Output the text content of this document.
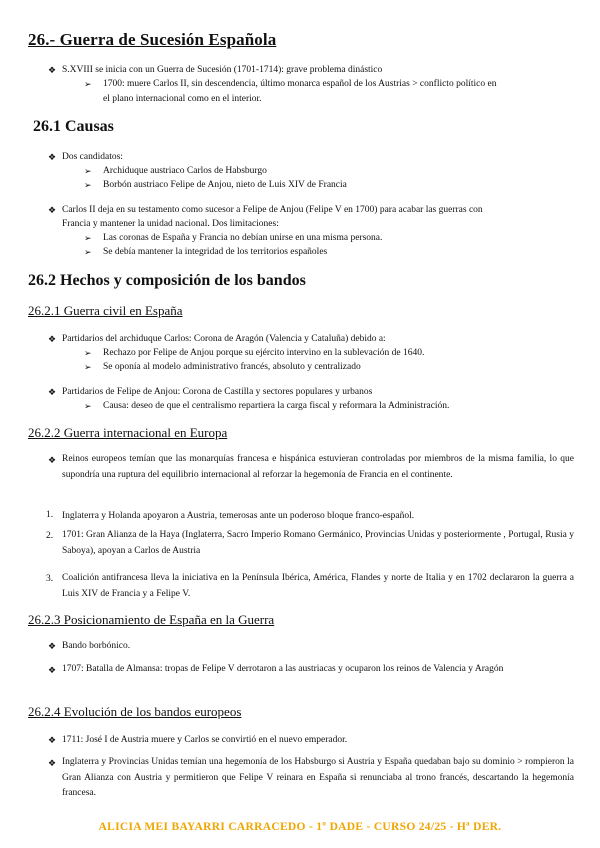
26.- Guerra de Sucesión Española
❖ S.XVIII se inicia con un Guerra de Sucesión (1701-1714): grave problema dinástico
➢ 1700: muere Carlos II, sin descendencia, último monarca español de los Austrias > conflicto político en
el plano internacional como en el interior.
26.1 Causas
❖ Dos candidatos:
➢ Archiduque austriaco Carlos de Habsburgo
➢ Borbón austriaco Felipe de Anjou, nieto de Luis XIV de Francia
❖ Carlos II deja en su testamento como sucesor a Felipe de Anjou (Felipe V en 1700) para acabar las guerras con
Francia y mantener la unidad nacional. Dos limitaciones:
➢ Las coronas de España y Francia no debían unirse en una misma persona.
➢ Se debía mantener la integridad de los territorios españoles
26.2 Hechos y composición de los bandos
26.2.1 Guerra civil en España
❖ Partidarios del archiduque Carlos: Corona de Aragón (Valencia y Cataluña) debido a:
➢ Rechazo por Felipe de Anjou porque su ejército intervino en la sublevación de 1640.
➢ Se oponía al modelo administrativo francés, absoluto y centralizado
❖ Partidarios de Felipe de Anjou: Corona de Castilla y sectores populares y urbanos
➢ Causa: deseo de que el centralismo repartiera la carga fiscal y reformara la Administración.
26.2.2 Guerra internacional en Europa
❖ Reinos europeos temían que las monarquías francesa e hispánica estuvieran controladas por miembros de la misma familia, lo que supondría una ruptura del equilibrio internacional al reforzar la hegemonía de Francia en el continente.
1. Inglaterra y Holanda apoyaron a Austria, temerosas ante un poderoso bloque franco-español.
2. 1701: Gran Alianza de la Haya (Inglaterra, Sacro Imperio Romano Germánico, Provincias Unidas y posteriormente , Portugal, Rusia y Saboya), apoyan a Carlos de Austria
3. Coalición antifrancesa lleva la iniciativa en la Península Ibérica, América, Flandes y norte de Italia y en 1702 declararon la guerra a Luis XIV de Francia y a Felipe V.
26.2.3 Posicionamiento de España en la Guerra
❖ Bando borbónico.
❖ 1707: Batalla de Almansa: tropas de Felipe V derrotaron a las austriacas y ocuparon los reinos de Valencia y Aragón
26.2.4 Evolución de los bandos europeos
❖ 1711: José I de Austria muere y Carlos se convirtió en el nuevo emperador.
❖ Inglaterra y Provincias Unidas temían una hegemonía de los Habsburgo si Austria y España quedaban bajo su dominio > rompieron la Gran Alianza con Austria y permitieron que Felipe V reinara en España si renunciaba al trono francés, descartando la hegemonía francesa.
ALICIA MEI BAYARRI CARRACEDO - 1º DADE - CURSO 24/25 - Hª DER.
